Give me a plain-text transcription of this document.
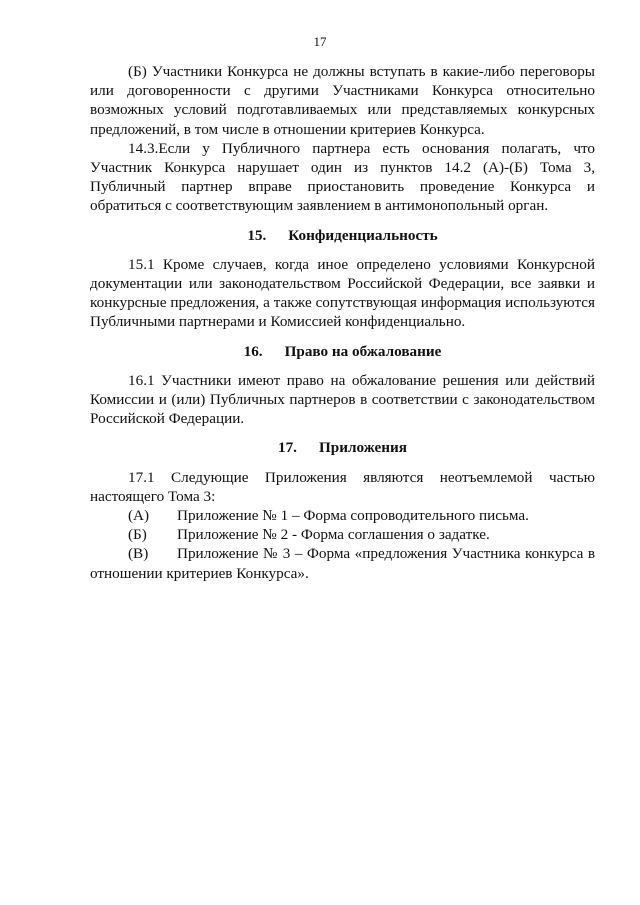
17

(Б) Участники Конкурса не должны вступать в какие-либо переговоры или договоренности с другими Участниками Конкурса относительно возможных условий подготавливаемых или представляемых конкурсных предложений, в том числе в отношении критериев Конкурса.

14.3.Если у Публичного партнера есть основания полагать, что Участник Конкурса нарушает один из пунктов 14.2 (А)-(Б) Тома 3, Публичный партнер вправе приостановить проведение Конкурса и обратиться с соответствующим заявлением в антимонопольный орган.

15. Конфиденциальность

15.1 Кроме случаев, когда иное определено условиями Конкурсной документации или законодательством Российской Федерации, все заявки и конкурсные предложения, а также сопутствующая информация используются Публичными партнерами и Комиссией конфиденциально.

16. Право на обжалование

16.1 Участники имеют право на обжалование решения или действий Комиссии и (или) Публичных партнеров в соответствии с законодательством Российской Федерации.

17. Приложения

17.1 Следующие Приложения являются неотъемлемой частью настоящего Тома 3:

(А) Приложение № 1 – Форма сопроводительного письма.
(Б) Приложение № 2 - Форма соглашения о задатке.
(В) Приложение № 3 – Форма «предложения Участника конкурса в отношении критериев Конкурса».
